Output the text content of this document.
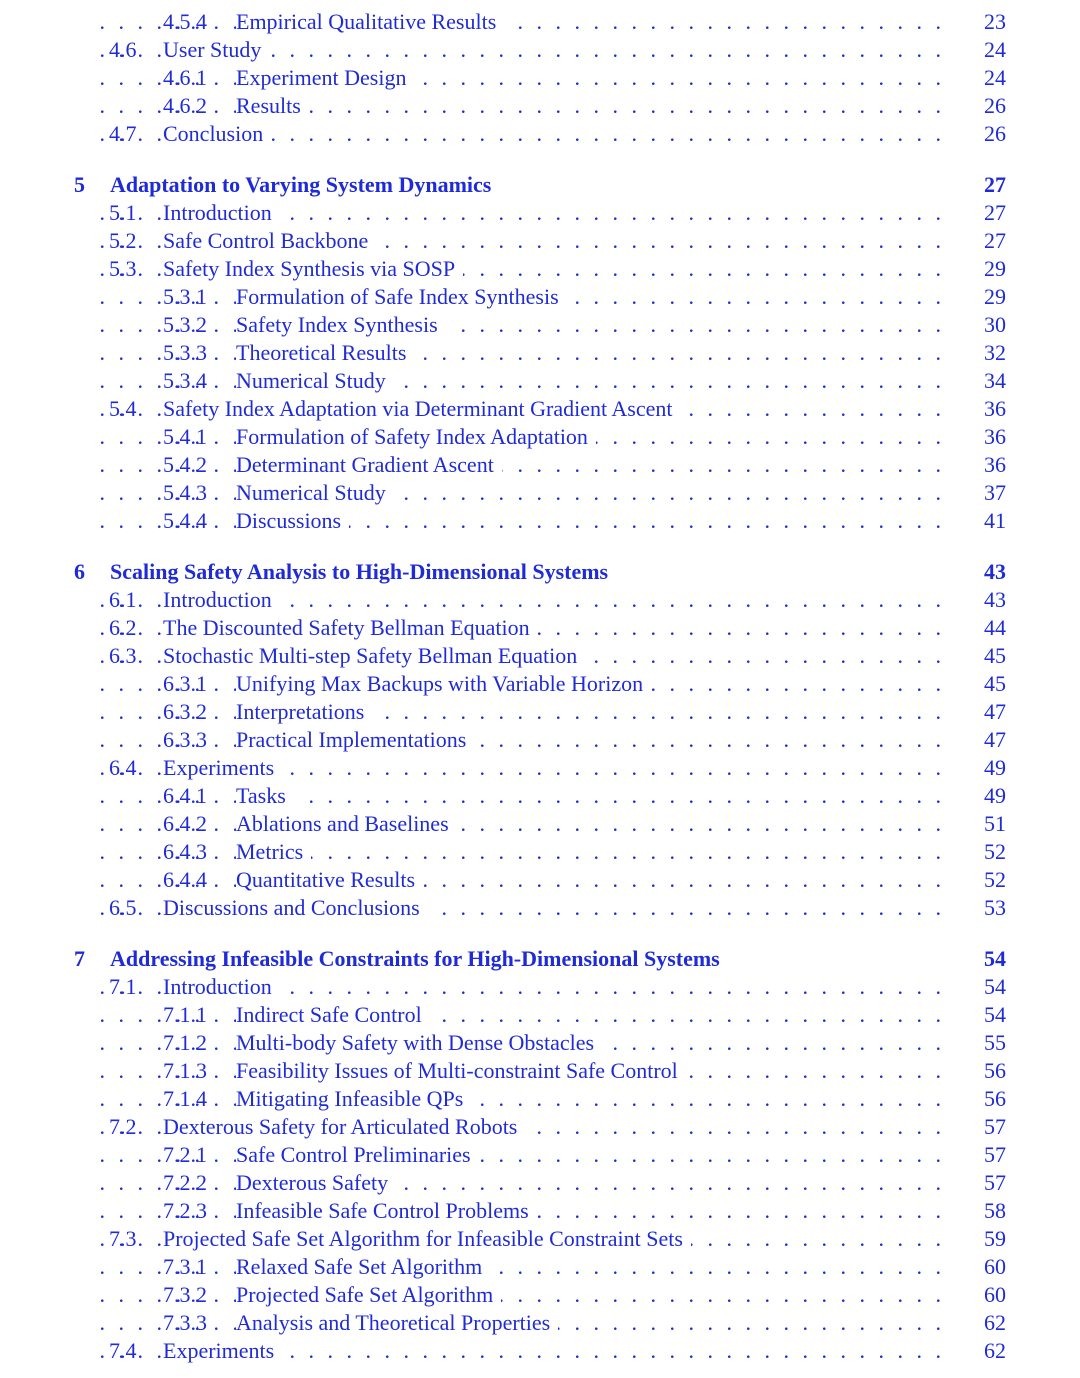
4.5.4 Empirical Qualitative Results . . .	23
4.6 User Study . . .	24
4.6.1 Experiment Design . . .	24
4.6.2 Results . . .	26
4.7 Conclusion . . .	26
5 Adaptation to Varying System Dynamics	27
5.1 Introduction . . .	27
5.2 Safe Control Backbone . . .	27
5.3 Safety Index Synthesis via SOSP . . .	29
5.3.1 Formulation of Safe Index Synthesis . . .	29
5.3.2 Safety Index Synthesis . . .	30
5.3.3 Theoretical Results . . .	32
5.3.4 Numerical Study . . .	34
5.4 Safety Index Adaptation via Determinant Gradient Ascent . . .	36
5.4.1 Formulation of Safety Index Adaptation . . .	36
5.4.2 Determinant Gradient Ascent . . .	36
5.4.3 Numerical Study . . .	37
5.4.4 Discussions . . .	41
6 Scaling Safety Analysis to High-Dimensional Systems	43
6.1 Introduction . . .	43
6.2 The Discounted Safety Bellman Equation . . .	44
6.3 Stochastic Multi-step Safety Bellman Equation . . .	45
6.3.1 Unifying Max Backups with Variable Horizon . . .	45
6.3.2 Interpretations . . .	47
6.3.3 Practical Implementations . . .	47
6.4 Experiments . . .	49
6.4.1 Tasks . . .	49
6.4.2 Ablations and Baselines . . .	51
6.4.3 Metrics . . .	52
6.4.4 Quantitative Results . . .	52
6.5 Discussions and Conclusions . . .	53
7 Addressing Infeasible Constraints for High-Dimensional Systems	54
7.1 Introduction . . .	54
7.1.1 Indirect Safe Control . . .	54
7.1.2 Multi-body Safety with Dense Obstacles . . .	55
7.1.3 Feasibility Issues of Multi-constraint Safe Control . . .	56
7.1.4 Mitigating Infeasible QPs . . .	56
7.2 Dexterous Safety for Articulated Robots . . .	57
7.2.1 Safe Control Preliminaries . . .	57
7.2.2 Dexterous Safety . . .	57
7.2.3 Infeasible Safe Control Problems . . .	58
7.3 Projected Safe Set Algorithm for Infeasible Constraint Sets . . .	59
7.3.1 Relaxed Safe Set Algorithm . . .	60
7.3.2 Projected Safe Set Algorithm . . .	60
7.3.3 Analysis and Theoretical Properties . . .	62
7.4 Experiments . . .	62
